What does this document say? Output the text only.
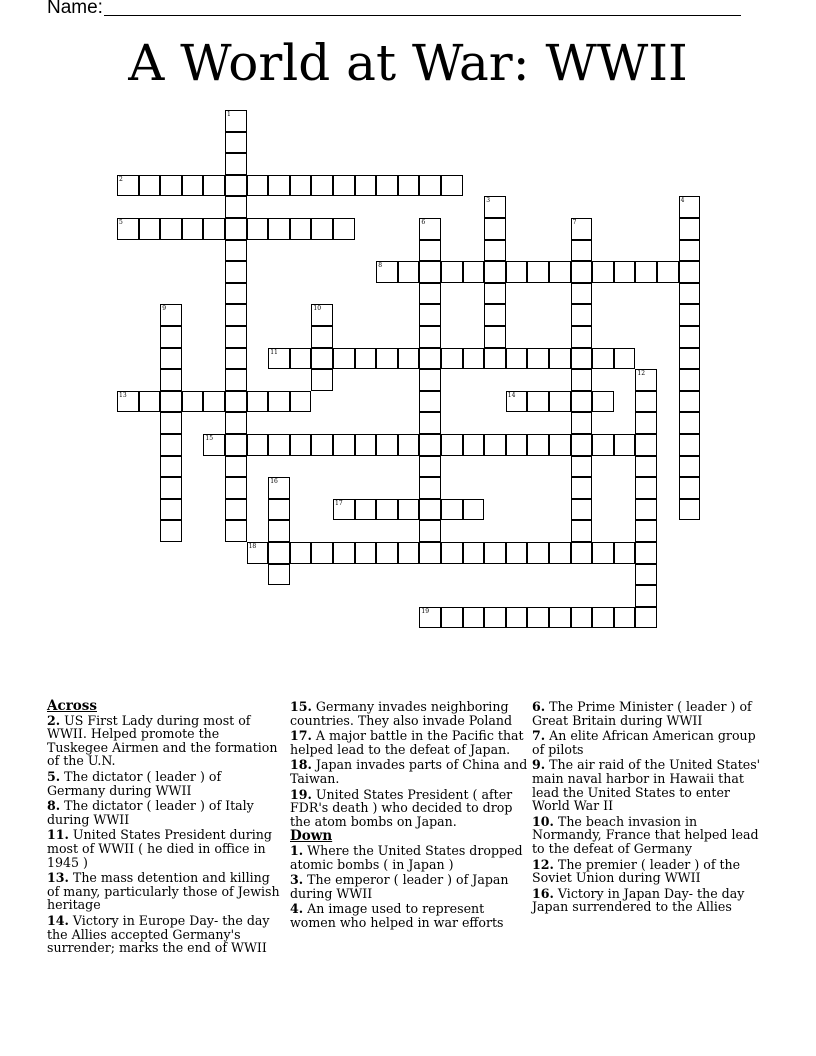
Name:
A World at War: WWII
1
2
3	4
5	6	7
8
9	10
11
12
13	14
15
16
17
18
19
Across
2. US First Lady during most of WWII. Helped promote the Tuskegee Airmen and the formation of the U.N.
5. The dictator ( leader ) of Germany during WWII
8. The dictator ( leader ) of Italy during WWII
11. United States President during most of WWII ( he died in office in 1945 )
13. The mass detention and killing of many, particularly those of Jewish heritage
14. Victory in Europe Day- the day the Allies accepted Germany's surrender; marks the end of WWII
15. Germany invades neighboring countries. They also invade Poland
17. A major battle in the Pacific that helped lead to the defeat of Japan.
18. Japan invades parts of China and Taiwan.
19. United States President ( after FDR's death ) who decided to drop the atom bombs on Japan.
Down
1. Where the United States dropped atomic bombs ( in Japan )
3. The emperor ( leader ) of Japan during WWII
4. An image used to represent women who helped in war efforts
6. The Prime Minister ( leader ) of Great Britain during WWII
7. An elite African American group of pilots
9. The air raid of the United States' main naval harbor in Hawaii that lead the United States to enter World War II
10. The beach invasion in Normandy, France that helped lead to the defeat of Germany
12. The premier ( leader ) of the Soviet Union during WWII
16. Victory in Japan Day- the day Japan surrendered to the Allies
